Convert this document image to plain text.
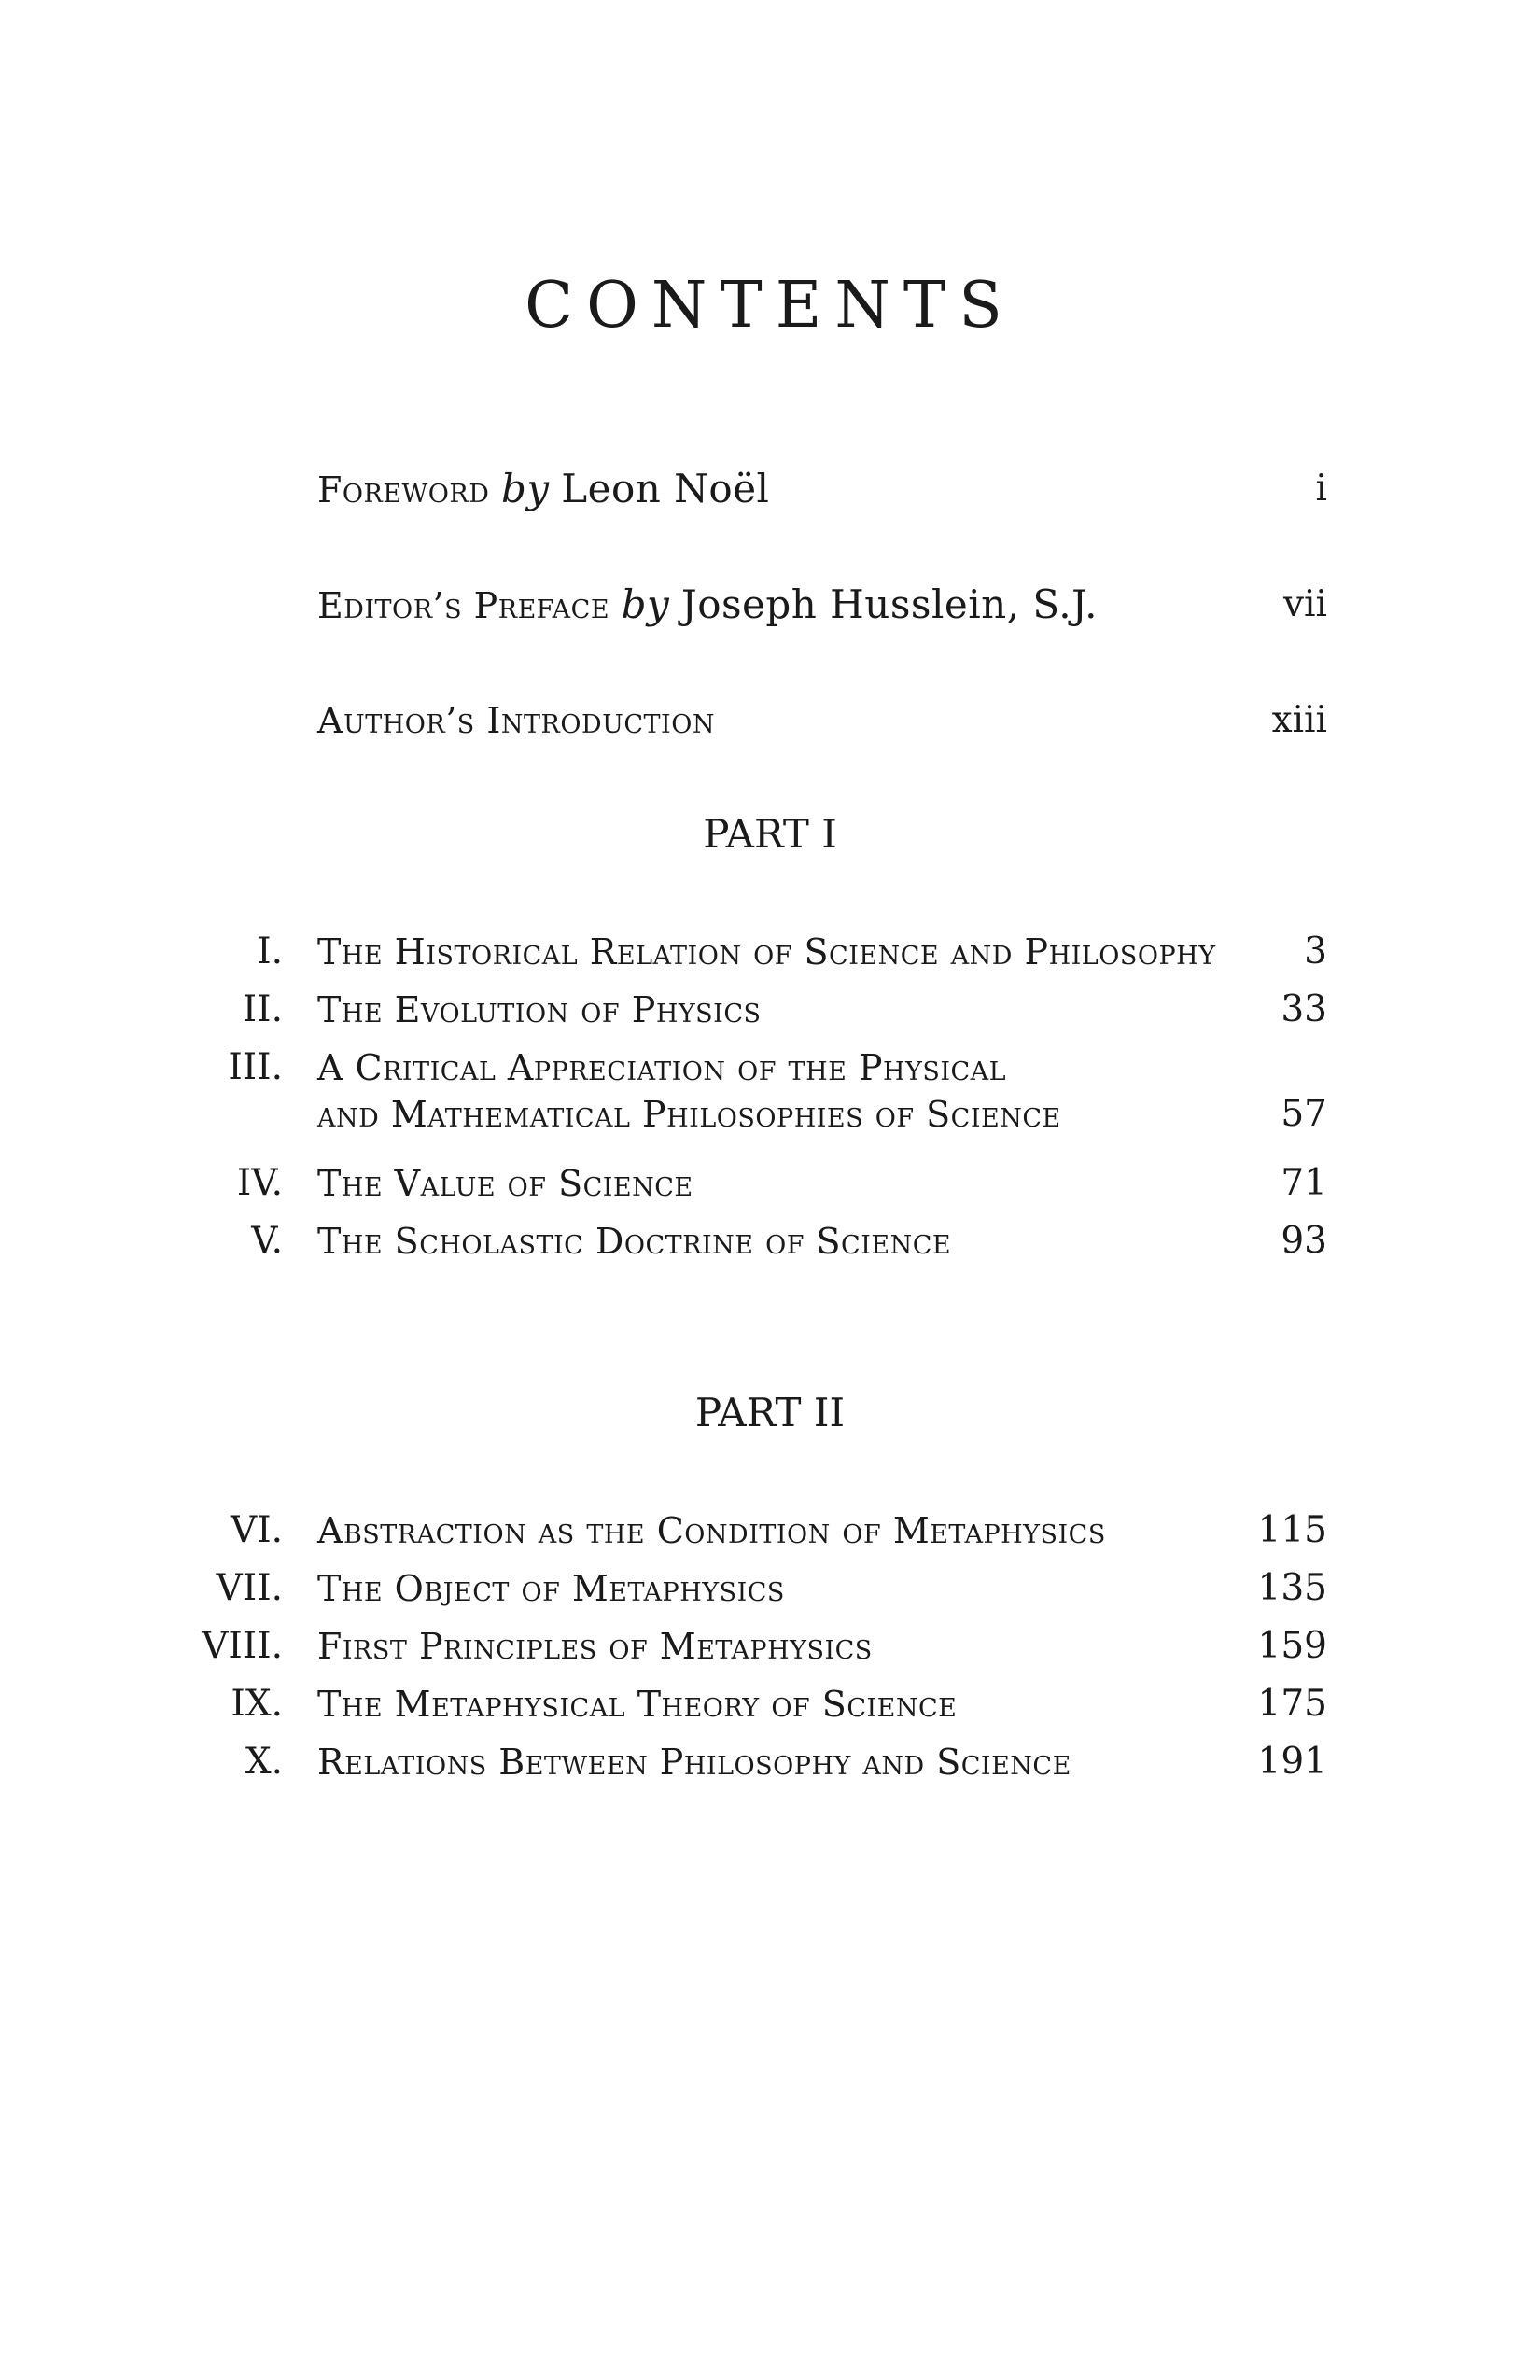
CONTENTS
Foreword by Leon Noël	i
Editor’s Preface by Joseph Husslein, S.J.	vii
Author’s Introduction	xiii
PART I
I. The Historical Relation of Science and Philosophy 3
II. The Evolution of Physics	33
III. A Critical Appreciation of the Physical
and Mathematical Philosophies of Science	57
IV. The Value of Science	71
V. The Scholastic Doctrine of Science	93
PART II
VI. Abstraction as the Condition of Metaphysics	115
VII. The Object of Metaphysics	135
VIII. First Principles of Metaphysics	159
IX. The Metaphysical Theory of Science	175
X. Relations Between Philosophy and Science	191
